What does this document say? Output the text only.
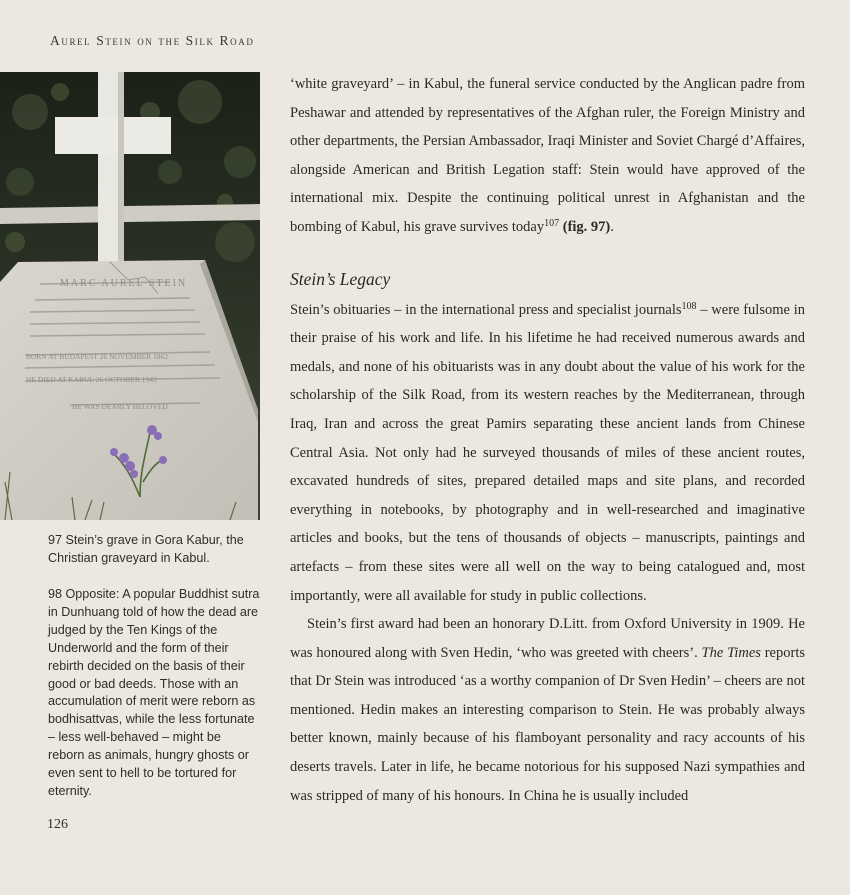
Aurel Stein on the Silk Road
MARC AUREL STEIN
BORN AT BUDAPEST 26 NOVEMBER 1862
HE DIED AT KABUL 26 OCTOBER 1943
HE WAS DEARLY BELOVED
97 Stein’s grave in Gora Kabur, the Christian graveyard in Kabul.
98 Opposite: A popular Buddhist sutra in Dunhuang told of how the dead are judged by the Ten Kings of the Underworld and the form of their rebirth decided on the basis of their good or bad deeds. Those with an accumulation of merit were reborn as bodhisattvas, while the less fortunate – less well-behaved – might be reborn as animals, hungry ghosts or even sent to hell to be tortured for eternity.
126

‘white graveyard’ – in Kabul, the funeral service conducted by the Anglican padre from Peshawar and attended by representatives of the Afghan ruler, the Foreign Ministry and other departments, the Persian Ambassador, Iraqi Minister and Soviet Chargé d’Affaires, alongside American and British Legation staff: Stein would have approved of the international mix. Despite the continuing political unrest in Afghanistan and the bombing of Kabul, his grave survives today$^{107}$ (fig. 97).

Stein’s Legacy

Stein’s obituaries – in the international press and specialist journals$^{108}$ – were fulsome in their praise of his work and life. In his lifetime he had received numerous awards and medals, and none of his obituarists was in any doubt about the value of his work for the scholarship of the Silk Road, from its western reaches by the Mediterranean, through Iraq, Iran and across the great Pamirs separating these ancient lands from Chinese Central Asia. Not only had he surveyed thousands of miles of these ancient routes, excavated hundreds of sites, prepared detailed maps and site plans, and recorded everything in notebooks, by photography and in well-researched and imaginative articles and books, but the tens of thousands of objects – manuscripts, paintings and artefacts – from these sites were all well on the way to being catalogued and, most importantly, were all available for study in public collections.

Stein’s first award had been an honorary D.Litt. from Oxford University in 1909. He was honoured along with Sven Hedin, ‘who was greeted with cheers’. The Times reports that Dr Stein was introduced ‘as a worthy companion of Dr Sven Hedin’ – cheers are not mentioned. Hedin makes an interesting comparison to Stein. He was probably always better known, mainly because of his flamboyant personality and racy accounts of his deserts travels. Later in life, he became notorious for his supposed Nazi sympathies and was stripped of many of his honours. In China he is usually included
